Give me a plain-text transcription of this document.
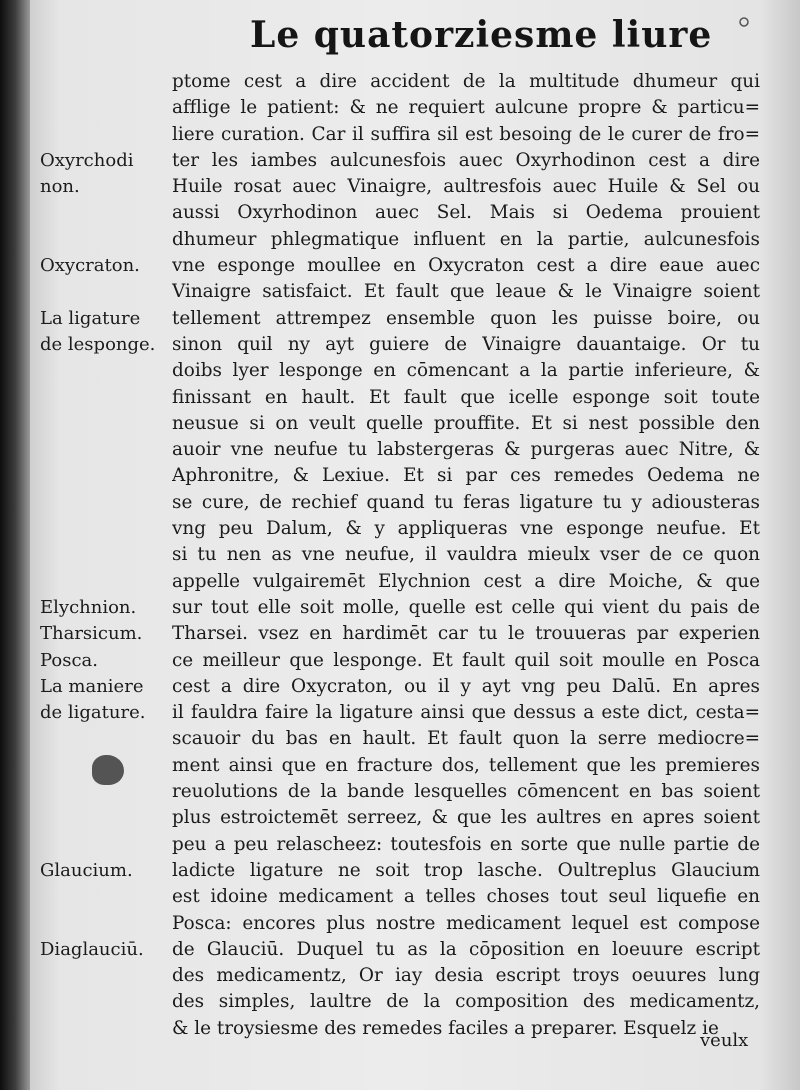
Le quatorziesme liure
ptome cest a dire accident de la multitude dhumeur qui
afflige le patient: & ne requiert aulcune propre & particu=
liere curation. Car il suffira sil est besoing de le curer de fro=
ter les iambes aulcunesfois auec Oxyrhodinon cest a dire
Huile rosat auec Vinaigre, aultresfois auec Huile & Sel ou
aussi Oxyrhodinon auec Sel. Mais si Oedema prouient
dhumeur phlegmatique influent en la partie, aulcunesfois
vne esponge moullee en Oxycraton cest a dire eaue auec
Vinaigre satisfaict. Et fault que leaue & le Vinaigre soient
tellement attrempez ensemble quon les puisse boire, ou
sinon quil ny ayt guiere de Vinaigre dauantaige. Or tu
doibs lyer lesponge en cōmencant a la partie inferieure, &
finissant en hault. Et fault que icelle esponge soit toute
neusue si on veult quelle prouffite. Et si nest possible den
auoir vne neufue tu labstergeras & purgeras auec Nitre, &
Aphronitre, & Lexiue. Et si par ces remedes Oedema ne
se cure, de rechief quand tu feras ligature tu y adiousteras
vng peu Dalum, & y appliqueras vne esponge neufue. Et
si tu nen as vne neufue, il vauldra mieulx vser de ce quon
appelle vulgairemēt Elychnion cest a dire Moiche, & que
sur tout elle soit molle, quelle est celle qui vient du pais de
Tharsei. vsez en hardimēt car tu le trouueras par experien
ce meilleur que lesponge. Et fault quil soit moulle en Posca
cest a dire Oxycraton, ou il y ayt vng peu Dalū. En apres
il fauldra faire la ligature ainsi que dessus a este dict, cesta=
scauoir du bas en hault. Et fault quon la serre mediocre=
ment ainsi que en fracture dos, tellement que les premieres
reuolutions de la bande lesquelles cōmencent en bas soient
plus estroictemēt serreez, & que les aultres en apres soient
peu a peu relascheez: toutesfois en sorte que nulle partie de
ladicte ligature ne soit trop lasche. Oultreplus Glaucium
est idoine medicament a telles choses tout seul liquefie en
Posca: encores plus nostre medicament lequel est compose
de Glauciū. Duquel tu as la cōposition en loeuure escript
des medicamentz, Or iay desia escript troys oeuures lung
des simples, laultre de la composition des medicamentz,
& le troysiesme des remedes faciles a preparer. Esquelz ie
Oxyrchodi
non.
Oxycraton.
La ligature
de lesponge.
Elychnion.
Tharsicum.
Posca.
La maniere
de ligature.
Glaucium.
Diaglauciū.
veulx
